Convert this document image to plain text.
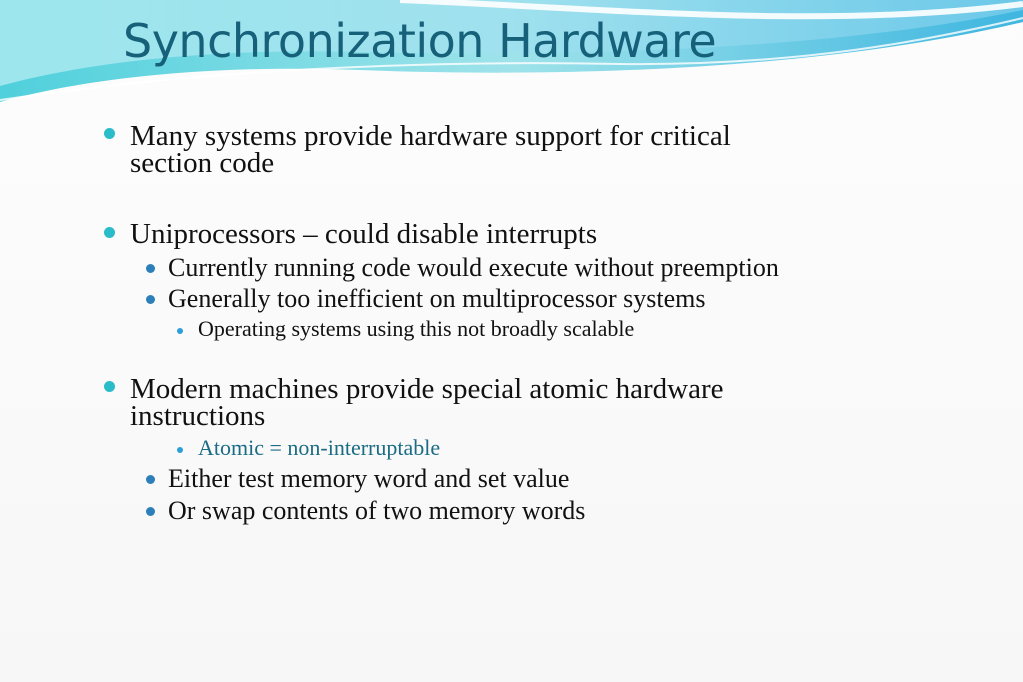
Synchronization Hardware
Many systems provide hardware support for critical
section code
Uniprocessors – could disable interrupts
Currently running code would execute without preemption
Generally too inefficient on multiprocessor systems
Operating systems using this not broadly scalable
Modern machines provide special atomic hardware
instructions
Atomic = non-interruptable
Either test memory word and set value
Or swap contents of two memory words
